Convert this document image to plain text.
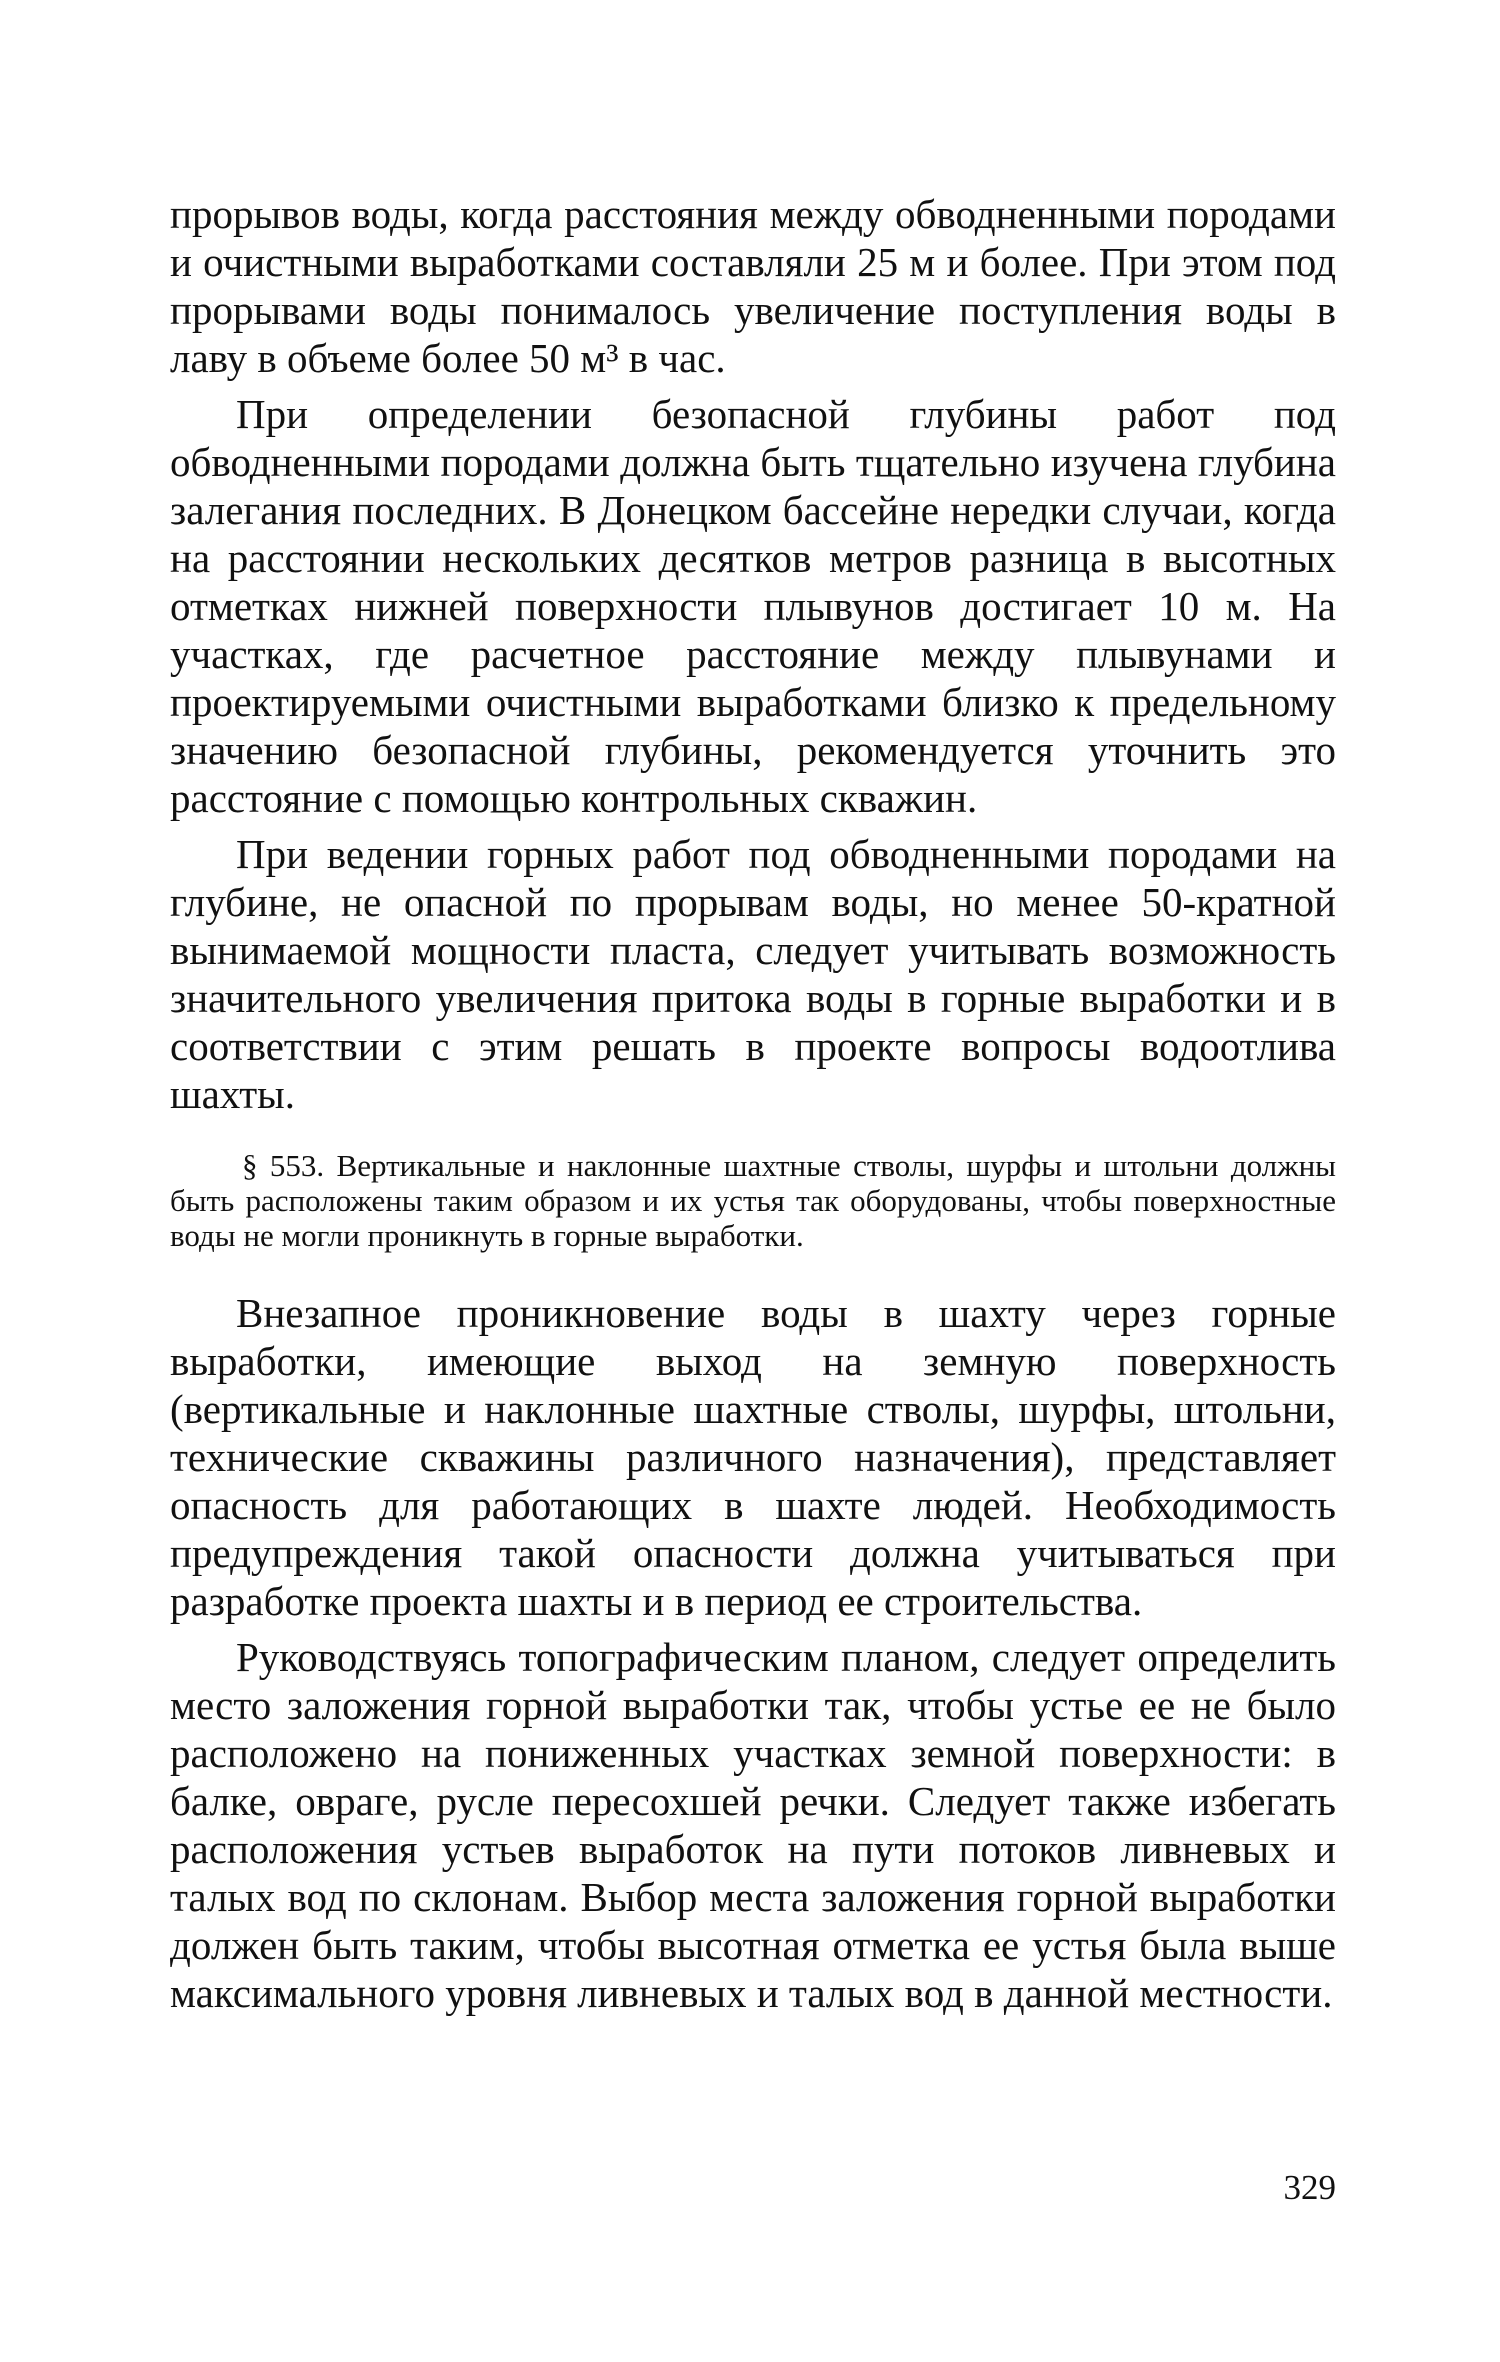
прорывов воды, когда расстояния между обводненными породами и очистными выработками составляли 25 м и более. При этом под прорывами воды понималось увеличение поступления воды в лаву в объеме более 50 м³ в час.

При определении безопасной глубины работ под обводненными породами должна быть тщательно изучена глубина залегания последних. В Донецком бассейне нередки случаи, когда на расстоянии нескольких десятков метров разница в высотных отметках нижней поверхности плывунов достигает 10 м. На участках, где расчетное расстояние между плывунами и проектируемыми очистными выработками близко к предельному значению безопасной глубины, рекомендуется уточнить это расстояние с помощью контрольных скважин.

При ведении горных работ под обводненными породами на глубине, не опасной по прорывам воды, но менее 50-кратной вынимаемой мощности пласта, следует учитывать возможность значительного увеличения притока воды в горные выработки и в соответствии с этим решать в проекте вопросы водоотлива шахты.

§ 553. Вертикальные и наклонные шахтные стволы, шурфы и штольни должны быть расположены таким образом и их устья так оборудованы, чтобы поверхностные воды не могли проникнуть в горные выработки.

Внезапное проникновение воды в шахту через горные выработки, имеющие выход на земную поверхность (вертикальные и наклонные шахтные стволы, шурфы, штольни, технические скважины различного назначения), представляет опасность для работающих в шахте людей. Необходимость предупреждения такой опасности должна учитываться при разработке проекта шахты и в период ее строительства.

Руководствуясь топографическим планом, следует определить место заложения горной выработки так, чтобы устье ее не было расположено на пониженных участках земной поверхности: в балке, овраге, русле пересохшей речки. Следует также избегать расположения устьев выработок на пути потоков ливневых и талых вод по склонам. Выбор места заложения горной выработки должен быть таким, чтобы высотная отметка ее устья была выше максимального уровня ливневых и талых вод в данной местности.

329
